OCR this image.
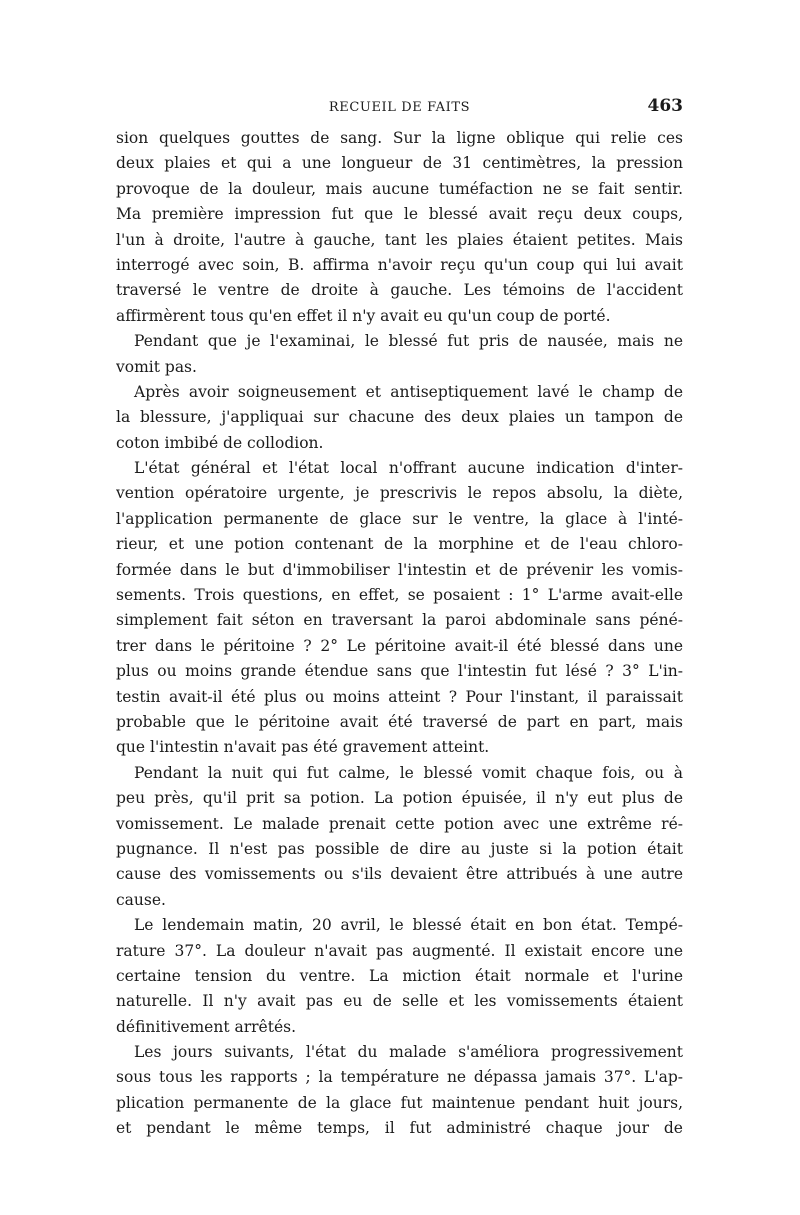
RECUEIL DE FAITS	463
sion quelques gouttes de sang. Sur la ligne oblique qui relie ces
deux plaies et qui a une longueur de 31 centimètres, la pression
provoque de la douleur, mais aucune tuméfaction ne se fait sentir.
Ma première impression fut que le blessé avait reçu deux coups,
l'un à droite, l'autre à gauche, tant les plaies étaient petites. Mais
interrogé avec soin, B. affirma n'avoir reçu qu'un coup qui lui avait
traversé le ventre de droite à gauche. Les témoins de l'accident
affirmèrent tous qu'en effet il n'y avait eu qu'un coup de porté.
Pendant que je l'examinai, le blessé fut pris de nausée, mais ne
vomit pas.
Après avoir soigneusement et antiseptiquement lavé le champ de
la blessure, j'appliquai sur chacune des deux plaies un tampon de
coton imbibé de collodion.
L'état général et l'état local n'offrant aucune indication d'inter-
vention opératoire urgente, je prescrivis le repos absolu, la diète,
l'application permanente de glace sur le ventre, la glace à l'inté-
rieur, et une potion contenant de la morphine et de l'eau chloro-
formée dans le but d'immobiliser l'intestin et de prévenir les vomis-
sements. Trois questions, en effet, se posaient : 1° L'arme avait-elle
simplement fait séton en traversant la paroi abdominale sans péné-
trer dans le péritoine ? 2° Le péritoine avait-il été blessé dans une
plus ou moins grande étendue sans que l'intestin fut lésé ? 3° L'in-
testin avait-il été plus ou moins atteint ? Pour l'instant, il paraissait
probable que le péritoine avait été traversé de part en part, mais
que l'intestin n'avait pas été gravement atteint.
Pendant la nuit qui fut calme, le blessé vomit chaque fois, ou à
peu près, qu'il prit sa potion. La potion épuisée, il n'y eut plus de
vomissement. Le malade prenait cette potion avec une extrême ré-
pugnance. Il n'est pas possible de dire au juste si la potion était
cause des vomissements ou s'ils devaient être attribués à une autre
cause.
Le lendemain matin, 20 avril, le blessé était en bon état. Tempé-
rature 37°. La douleur n'avait pas augmenté. Il existait encore une
certaine tension du ventre. La miction était normale et l'urine
naturelle. Il n'y avait pas eu de selle et les vomissements étaient
définitivement arrêtés.
Les jours suivants, l'état du malade s'améliora progressivement
sous tous les rapports ; la température ne dépassa jamais 37°. L'ap-
plication permanente de la glace fut maintenue pendant huit jours,
et pendant le même temps, il fut administré chaque jour de
